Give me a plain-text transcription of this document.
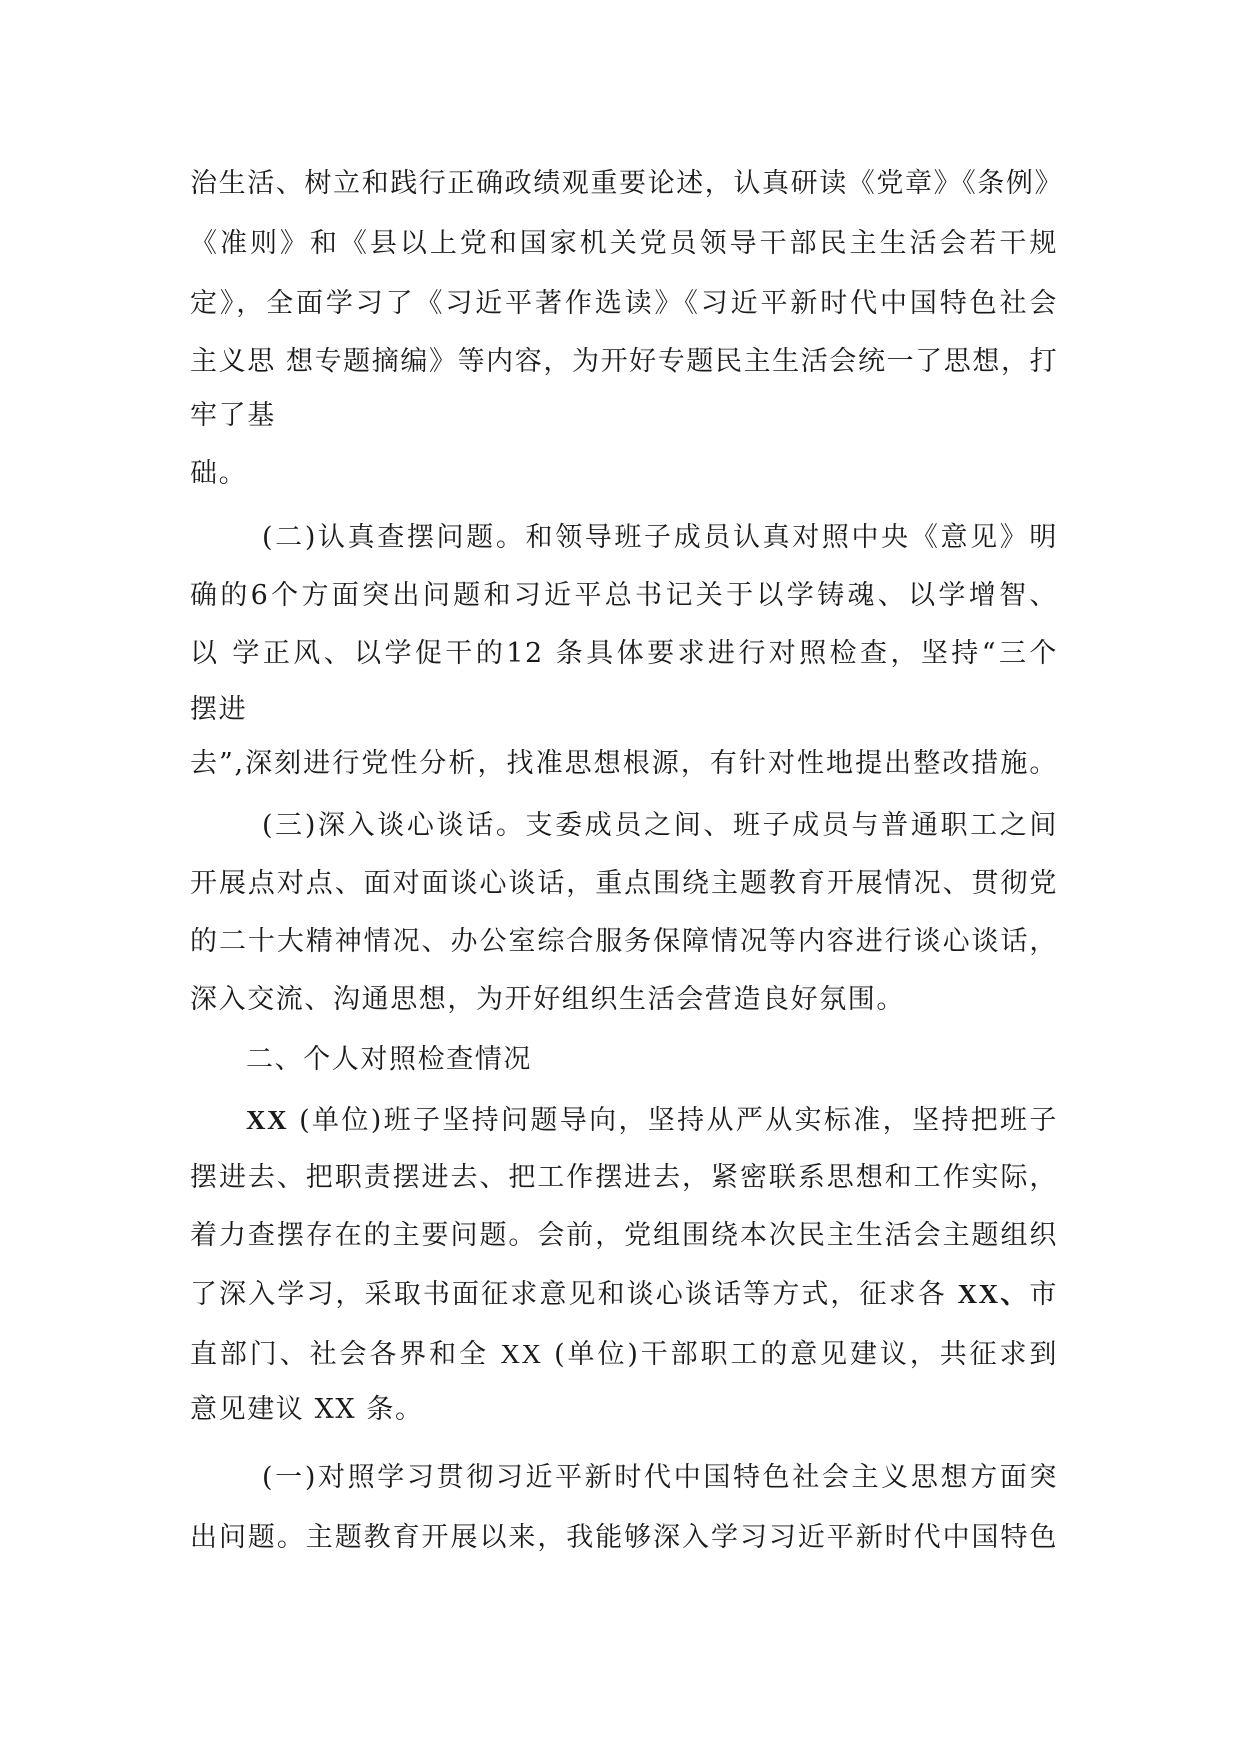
治生活、树立和践行正确政绩观重要论述，认真研读《党章》《条例》

《准则》和《县以上党和国家机关党员领导干部民主生活会若干规

定》，全面学习了《习近平著作选读》《习近平新时代中国特色社会

主义思 想专题摘编》等内容，为开好专题民主生活会统一了思想，打

牢了基

础。

(二)认真查摆问题。和领导班子成员认真对照中央《意见》明

确的6个方面突出问题和习近平总书记关于以学铸魂、以学增智、

以 学正风、以学促干的12 条具体要求进行对照检查，坚持“三个

摆进

去”,深刻进行党性分析，找准思想根源，有针对性地提出整改措施。

(三)深入谈心谈话。支委成员之间、班子成员与普通职工之间

开展点对点、面对面谈心谈话，重点围绕主题教育开展情况、贯彻党

的二十大精神情况、办公室综合服务保障情况等内容进行谈心谈话，

深入交流、沟通思想，为开好组织生活会营造良好氛围。

二、个人对照检查情况

XX (单位)班子坚持问题导向，坚持从严从实标准，坚持把班子

摆进去、把职责摆进去、把工作摆进去，紧密联系思想和工作实际，

着力查摆存在的主要问题。会前，党组围绕本次民主生活会主题组织

了深入学习，采取书面征求意见和谈心谈话等方式，征求各 XX、市

直部门、社会各界和全 XX (单位)干部职工的意见建议，共征求到

意见建议 XX 条。

(一)对照学习贯彻习近平新时代中国特色社会主义思想方面突

出问题。主题教育开展以来，我能够深入学习习近平新时代中国特色
